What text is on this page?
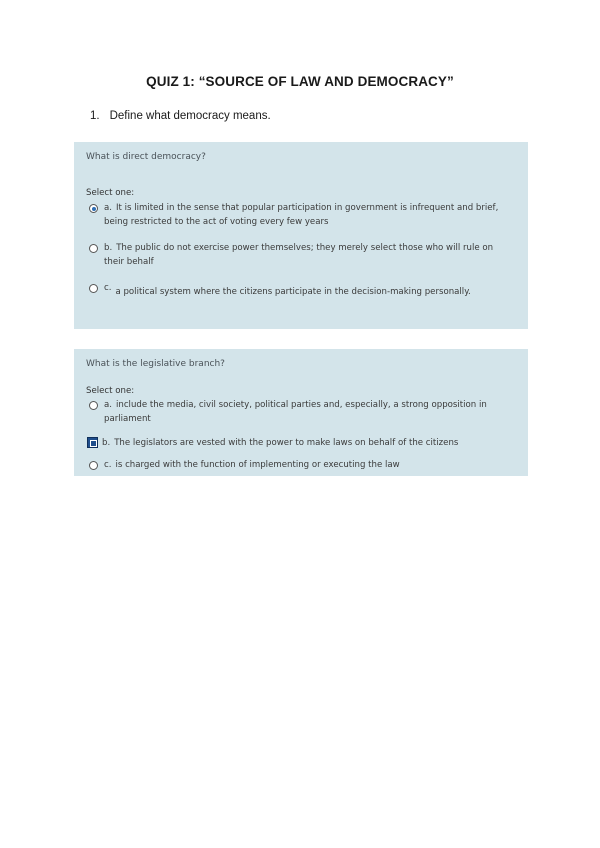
QUIZ 1: “SOURCE OF LAW AND DEMOCRACY”
1. Define what democracy means.

What is direct democracy?

Select one:

a. It is limited in the sense that popular participation in government is infrequent and brief, being restricted to the act of voting every few years
b. The public do not exercise power themselves; they merely select those who will rule on their behalf
c. a political system where the citizens participate in the decision-making personally.

What is the legislative branch?

Select one:

a. include the media, civil society, political parties and, especially, a strong opposition in parliament
b. The legislators are vested with the power to make laws on behalf of the citizens
c. is charged with the function of implementing or executing the law
